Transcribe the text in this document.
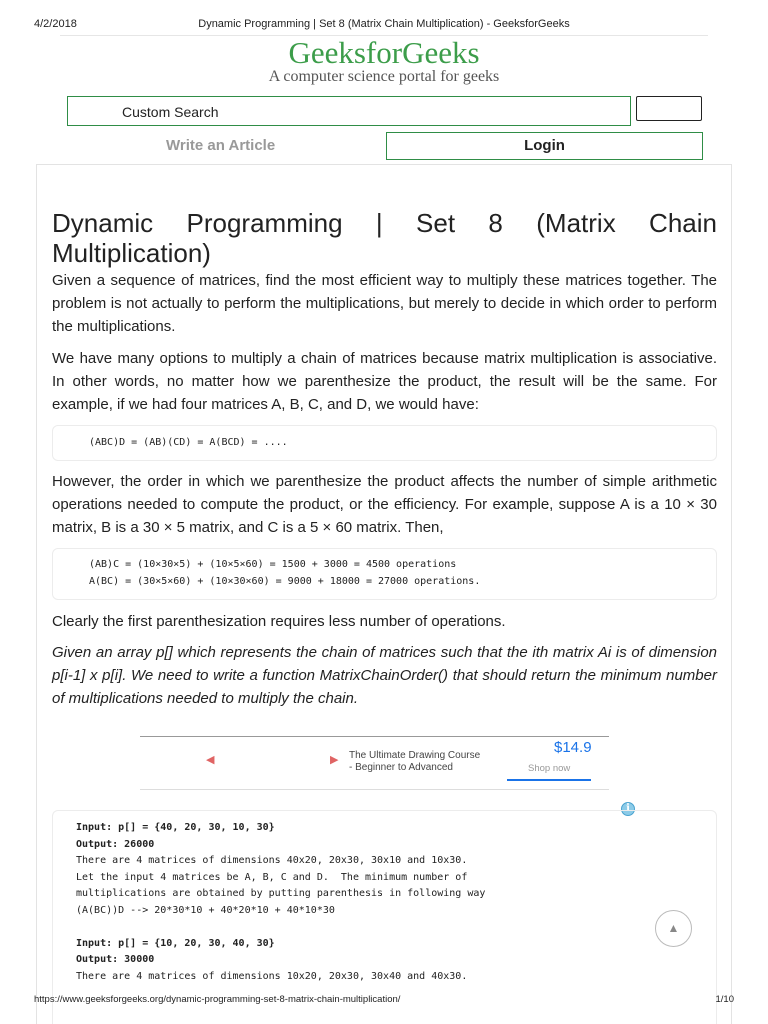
4/2/2018	Dynamic Programming | Set 8 (Matrix Chain Multiplication) - GeeksforGeeks
GeeksforGeeks
A computer science portal for geeks
Custom Search
Write an Article	Login
Dynamic Programming | Set 8 (Matrix Chain Multiplication)

Given a sequence of matrices, find the most efficient way to multiply these matrices together. The problem is not actually to perform the multiplications, but merely to decide in which order to perform the multiplications.

We have many options to multiply a chain of matrices because matrix multiplication is associative. In other words, no matter how we parenthesize the product, the result will be the same. For example, if we had four matrices A, B, C, and D, we would have:

(ABC)D = (AB)(CD) = A(BCD) = ....

However, the order in which we parenthesize the product affects the number of simple arithmetic operations needed to compute the product, or the efficiency. For example, suppose A is a 10 × 30 matrix, B is a 30 × 5 matrix, and C is a 5 × 60 matrix. Then,

(AB)C = (10×30×5) + (10×5×60) = 1500 + 3000 = 4500 operations
A(BC) = (30×5×60) + (10×30×60) = 9000 + 18000 = 27000 operations.

Clearly the first parenthesization requires less number of operations.

Given an array p[] which represents the chain of matrices such that the ith matrix Ai is of dimension p[i-1] x p[i]. We need to write a function MatrixChainOrder() that should return the minimum number of multiplications needed to multiply the chain.

◀	▶ The Ultimate Drawing Course
- Beginner to Advanced
$14.9
Shop now
i
Input: p[] = {40, 20, 30, 10, 30}
Output: 26000
There are 4 matrices of dimensions 40x20, 20x30, 30x10 and 10x30.
Let the input 4 matrices be A, B, C and D.  The minimum number of
multiplications are obtained by putting parenthesis in following way
(A(BC))D --> 20*30*10 + 40*20*10 + 40*10*30
Input: p[] = {10, 20, 30, 40, 30}
Output: 30000
There are 4 matrices of dimensions 10x20, 20x30, 30x40 and 40x30.
▲
https://www.geeksforgeeks.org/dynamic-programming-set-8-matrix-chain-multiplication/	1/10
